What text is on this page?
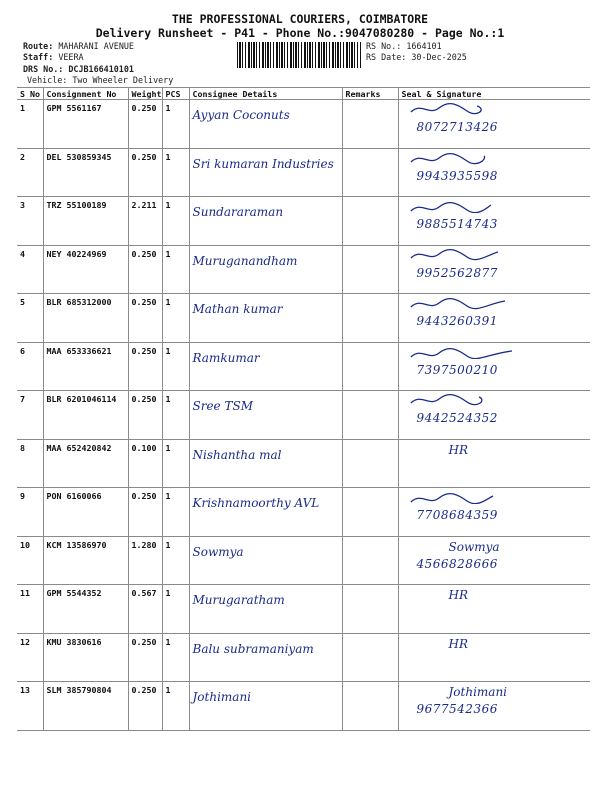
THE PROFESSIONAL COURIERS, COIMBATORE
Delivery Runsheet - P41 - Phone No.:9047080280 - Page No.:1
Route: MAHARANI AVENUE
Staff: VEERA
DRS No.: DCJB166410101
Vehicle: Two Wheeler Delivery
RS No.: 1664101
RS Date: 30-Dec-2025
S No	Consignment No	Weight	PCS	Consignee Details	Remarks	Seal & Signature
1	GPM 5561167	0.250	1	Ayyan Coconuts		8072713426

2	DEL 530859345	0.250	1	Sri kumaran Industries		9943935598

3	TRZ 55100189	2.211	1	Sundararaman		9885514743

4	NEY 40224969	0.250	1	Muruganandham		9952562877

5	BLR 685312000	0.250	1	Mathan kumar		9443260391

6	MAA 653336621	0.250	1	Ramkumar		7397500210

7	BLR 6201046114	0.250	1	Sree TSM		9442524352

8	MAA 652420842	0.100	1	Nishantha mal		HR

9	PON 6160066	0.250	1	Krishnamoorthy AVL		7708684359

10	KCM 13586970	1.280	1	Sowmya		Sowmya
4566828666

11	GPM 5544352	0.567	1	Murugaratham		HR

12	KMU 3830616	0.250	1	Balu subramaniyam		HR

13	SLM 385790804	0.250	1	Jothimani		Jothimani
9677542366
